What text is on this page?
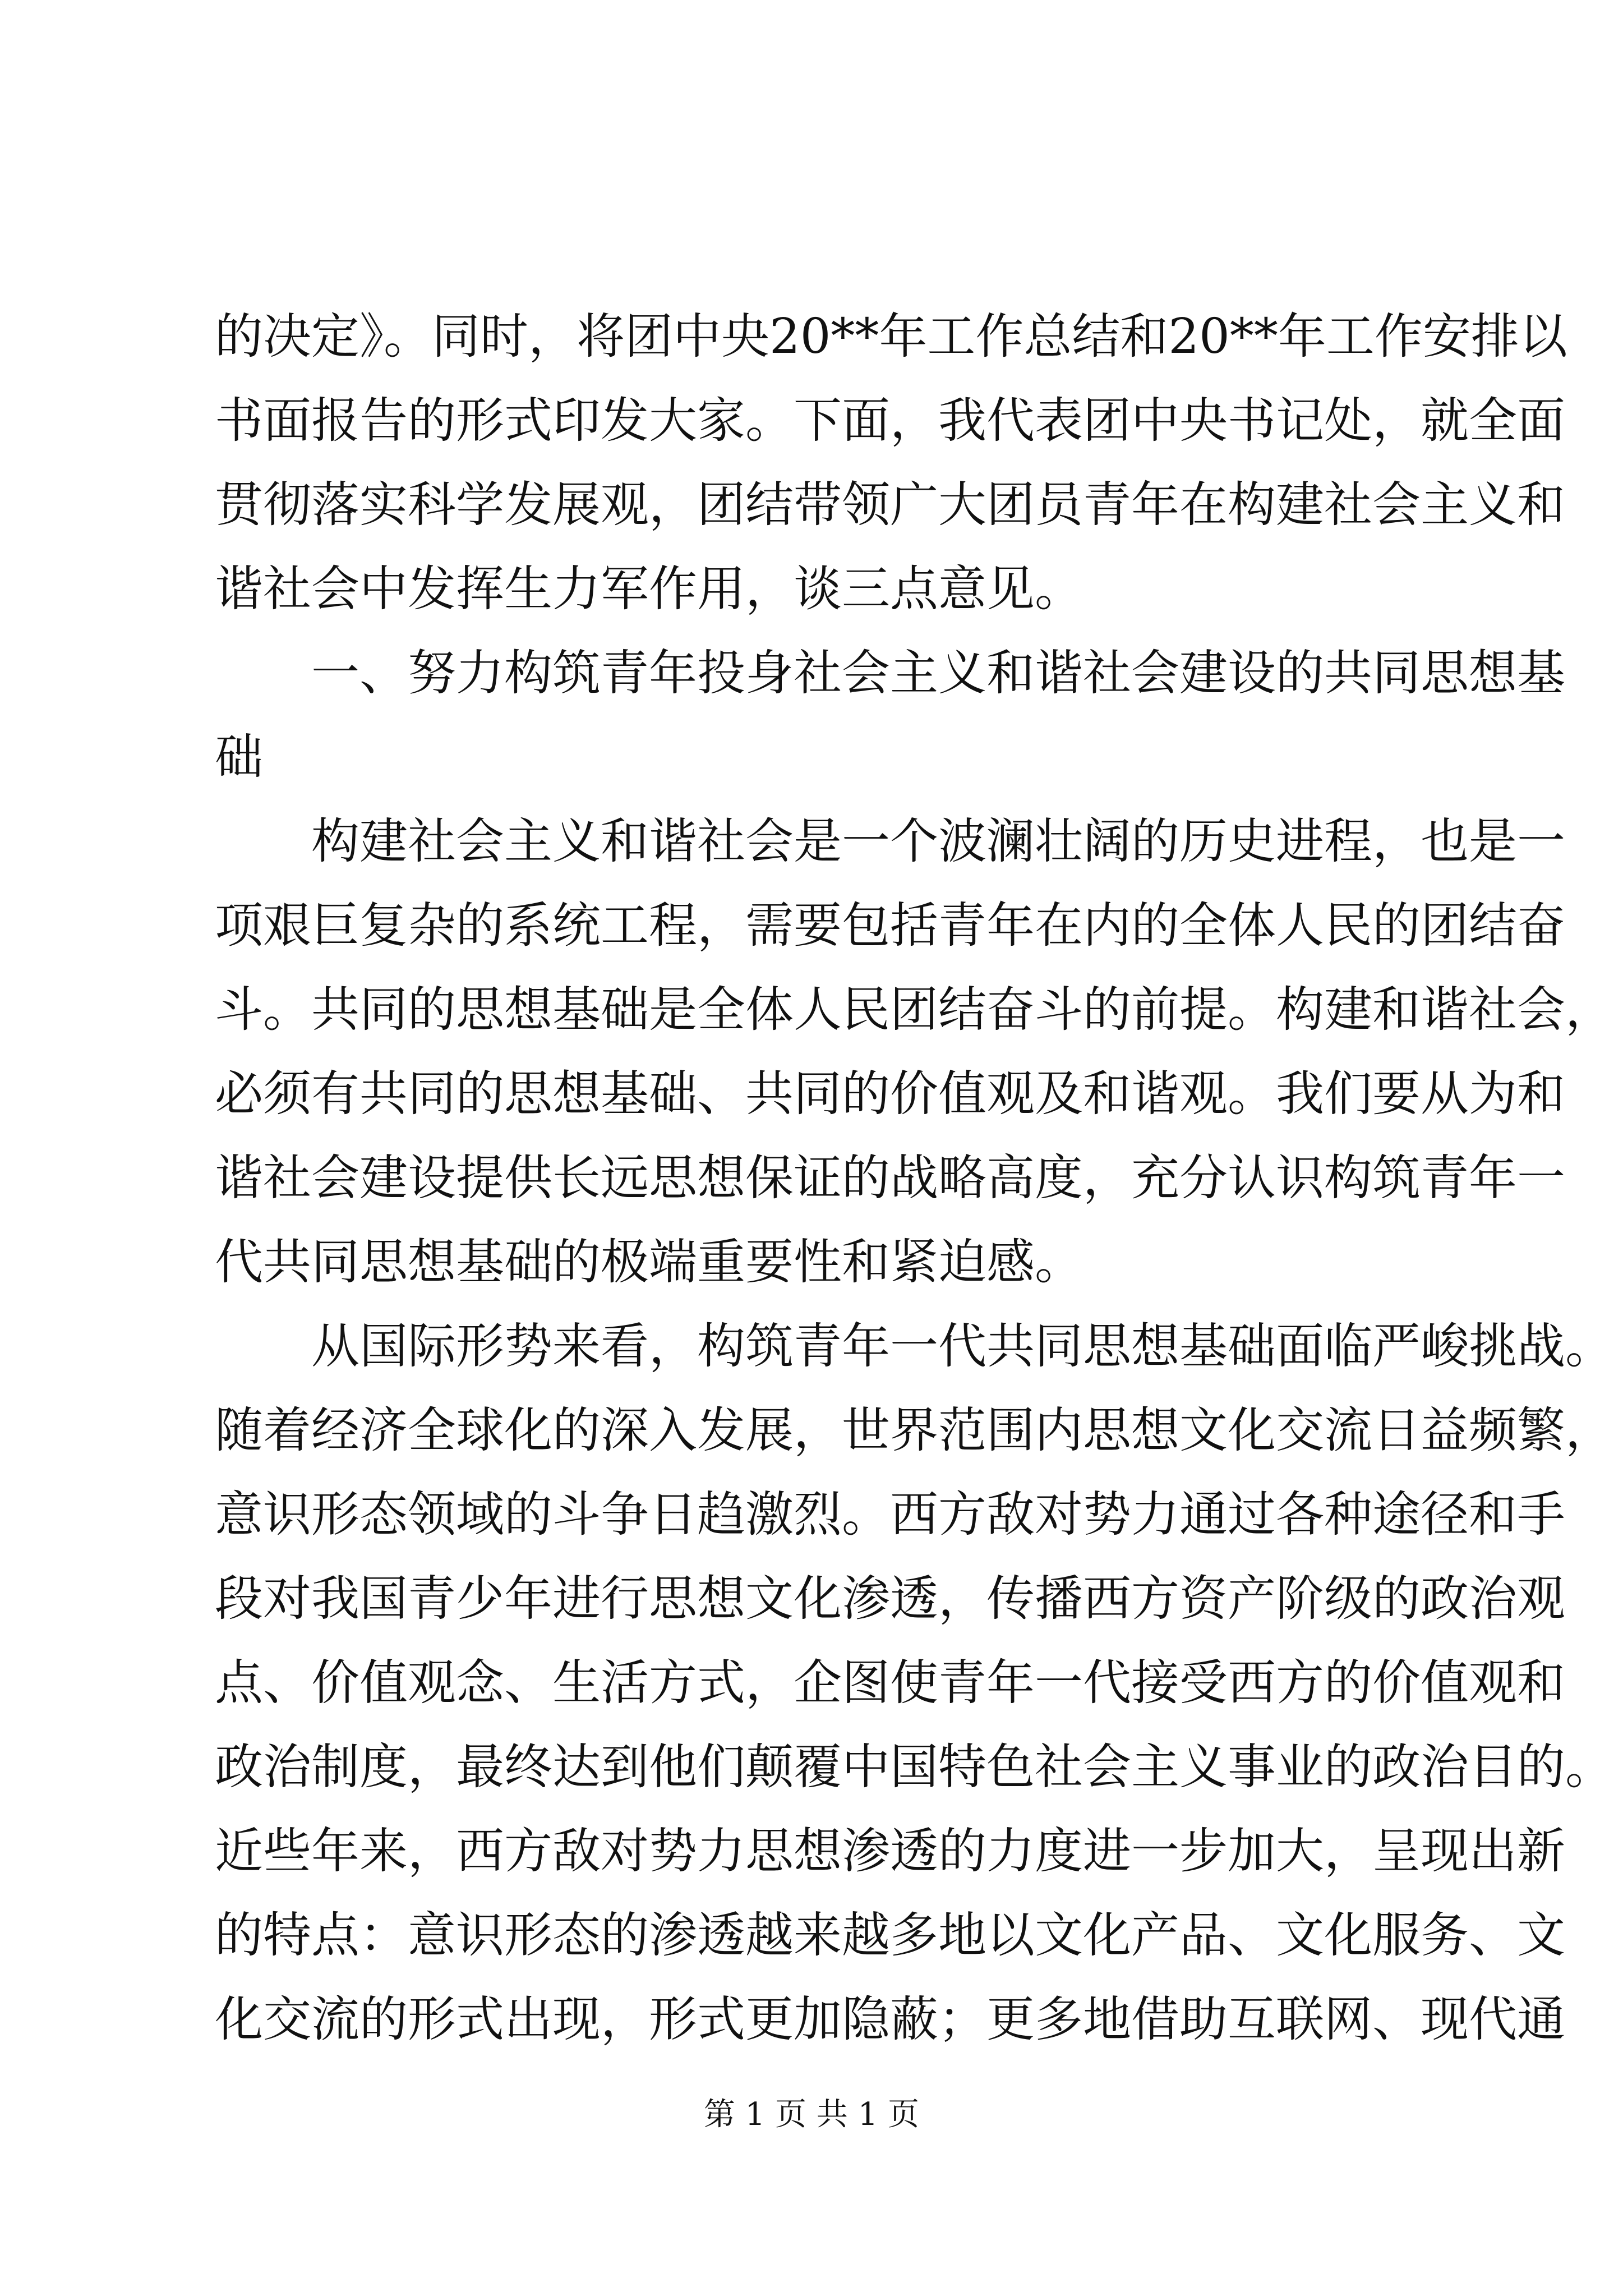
的决定》。同时，将团中央20**年工作总结和20**年工作安排以
书面报告的形式印发大家。下面，我代表团中央书记处，就全面
贯彻落实科学发展观，团结带领广大团员青年在构建社会主义和
谐社会中发挥生力军作用，谈三点意见。
一、努力构筑青年投身社会主义和谐社会建设的共同思想基
础
构建社会主义和谐社会是一个波澜壮阔的历史进程，也是一
项艰巨复杂的系统工程，需要包括青年在内的全体人民的团结奋
斗。共同的思想基础是全体人民团结奋斗的前提。构建和谐社会，
必须有共同的思想基础、共同的价值观及和谐观。我们要从为和
谐社会建设提供长远思想保证的战略高度，充分认识构筑青年一
代共同思想基础的极端重要性和紧迫感。
从国际形势来看，构筑青年一代共同思想基础面临严峻挑战。
随着经济全球化的深入发展，世界范围内思想文化交流日益频繁，
意识形态领域的斗争日趋激烈。西方敌对势力通过各种途径和手
段对我国青少年进行思想文化渗透，传播西方资产阶级的政治观
点、价值观念、生活方式，企图使青年一代接受西方的价值观和
政治制度，最终达到他们颠覆中国特色社会主义事业的政治目的。
近些年来，西方敌对势力思想渗透的力度进一步加大，呈现出新
的特点：意识形态的渗透越来越多地以文化产品、文化服务、文
化交流的形式出现，形式更加隐蔽；更多地借助互联网、现代通
第 1 页 共 1 页
